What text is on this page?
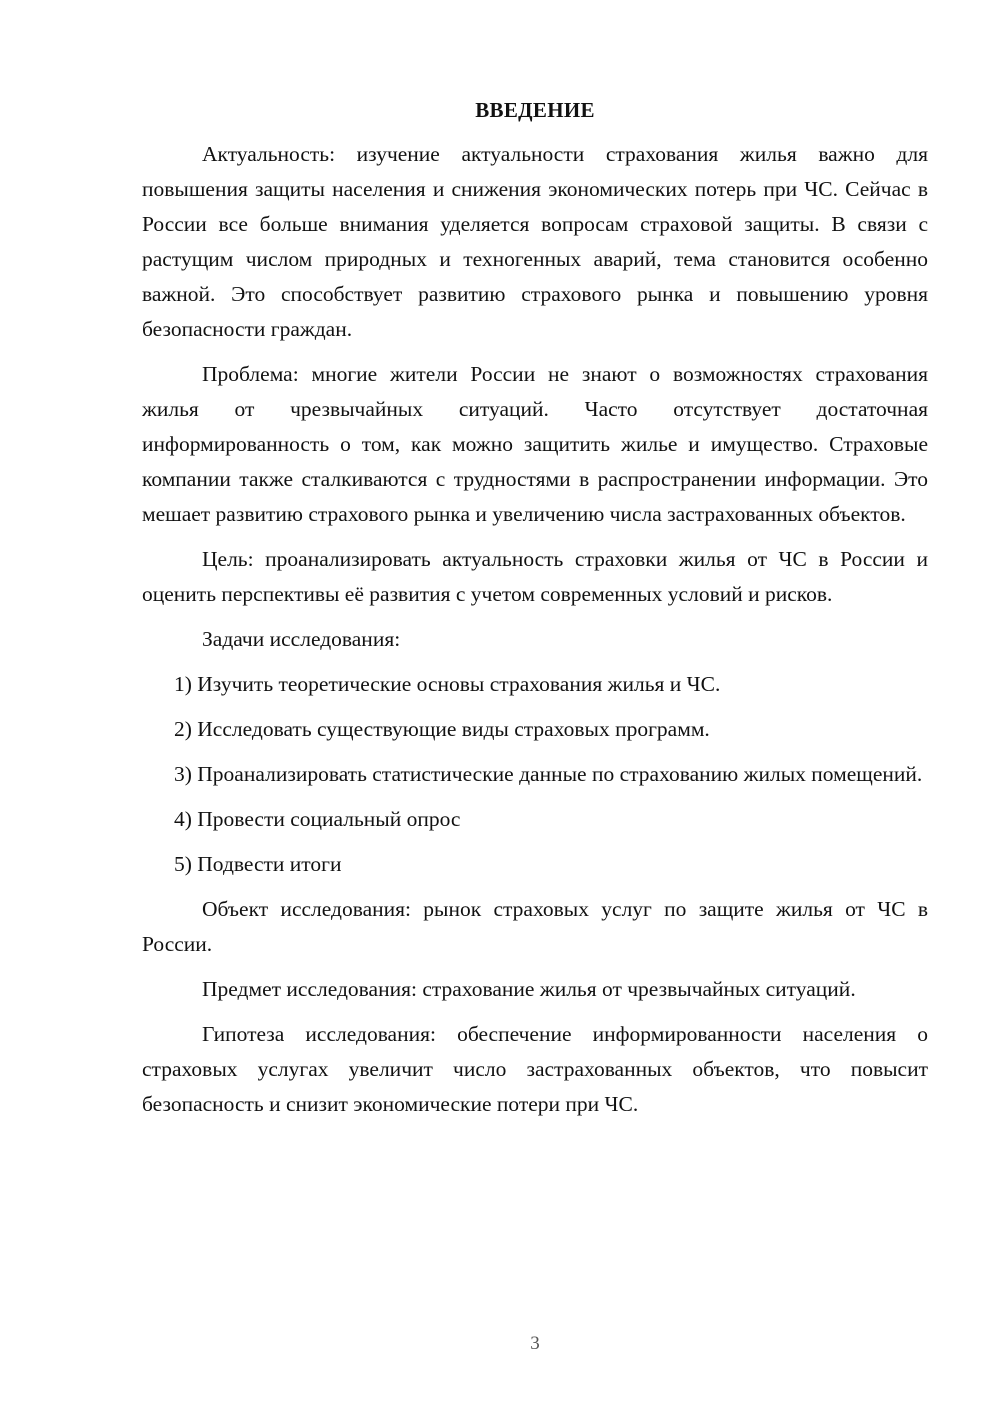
ВВЕДЕНИЕ

Актуальность: изучение актуальности страхования жилья важно для повышения защиты населения и снижения экономических потерь при ЧС. Сейчас в России все больше внимания уделяется вопросам страховой защиты. В связи с растущим числом природных и техногенных аварий, тема становится особенно важной. Это способствует развитию страхового рынка и повышению уровня безопасности граждан.

Проблема: многие жители России не знают о возможностях страхования жилья от чрезвычайных ситуаций. Часто отсутствует достаточная информированность о том, как можно защитить жилье и имущество. Страховые компании также сталкиваются с трудностями в распространении информации. Это мешает развитию страхового рынка и увеличению числа застрахованных объектов.

Цель: проанализировать актуальность страховки жилья от ЧС в России и оценить перспективы её развития с учетом современных условий и рисков.

Задачи исследования:

1) Изучить теоретические основы страхования жилья и ЧС.

2) Исследовать существующие виды страховых программ.

3) Проанализировать статистические данные по страхованию жилых помещений.

4) Провести социальный опрос

5) Подвести итоги

Объект исследования: рынок страховых услуг по защите жилья от ЧС в России.

Предмет исследования: страхование жилья от чрезвычайных ситуаций.

Гипотеза исследования: обеспечение информированности населения о страховых услугах увеличит число застрахованных объектов, что повысит безопасность и снизит экономические потери при ЧС.

3
